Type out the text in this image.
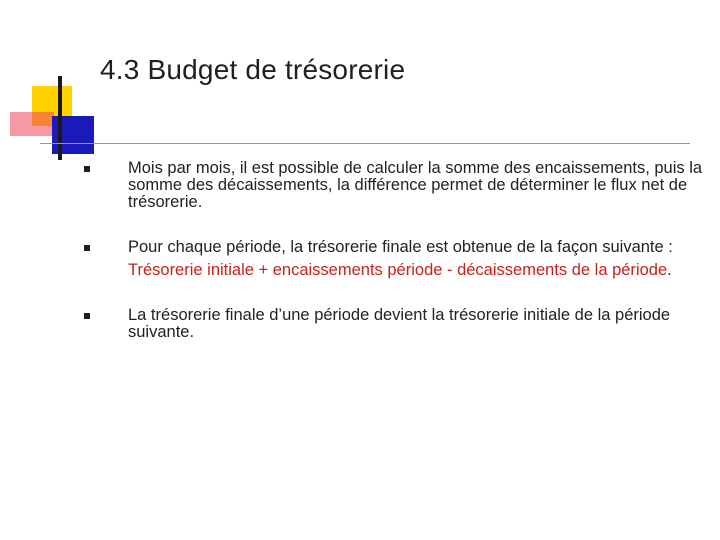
4.3 Budget de trésorerie
Mois par mois, il est possible de calculer la somme des encaissements, puis la somme des décaissements, la différence permet de déterminer le flux net de trésorerie.
Pour chaque période, la trésorerie finale est obtenue de la façon suivante :
Trésorerie initiale + encaissements période - décaissements de la période.
La trésorerie finale d’une période devient la trésorerie initiale de la période suivante.
